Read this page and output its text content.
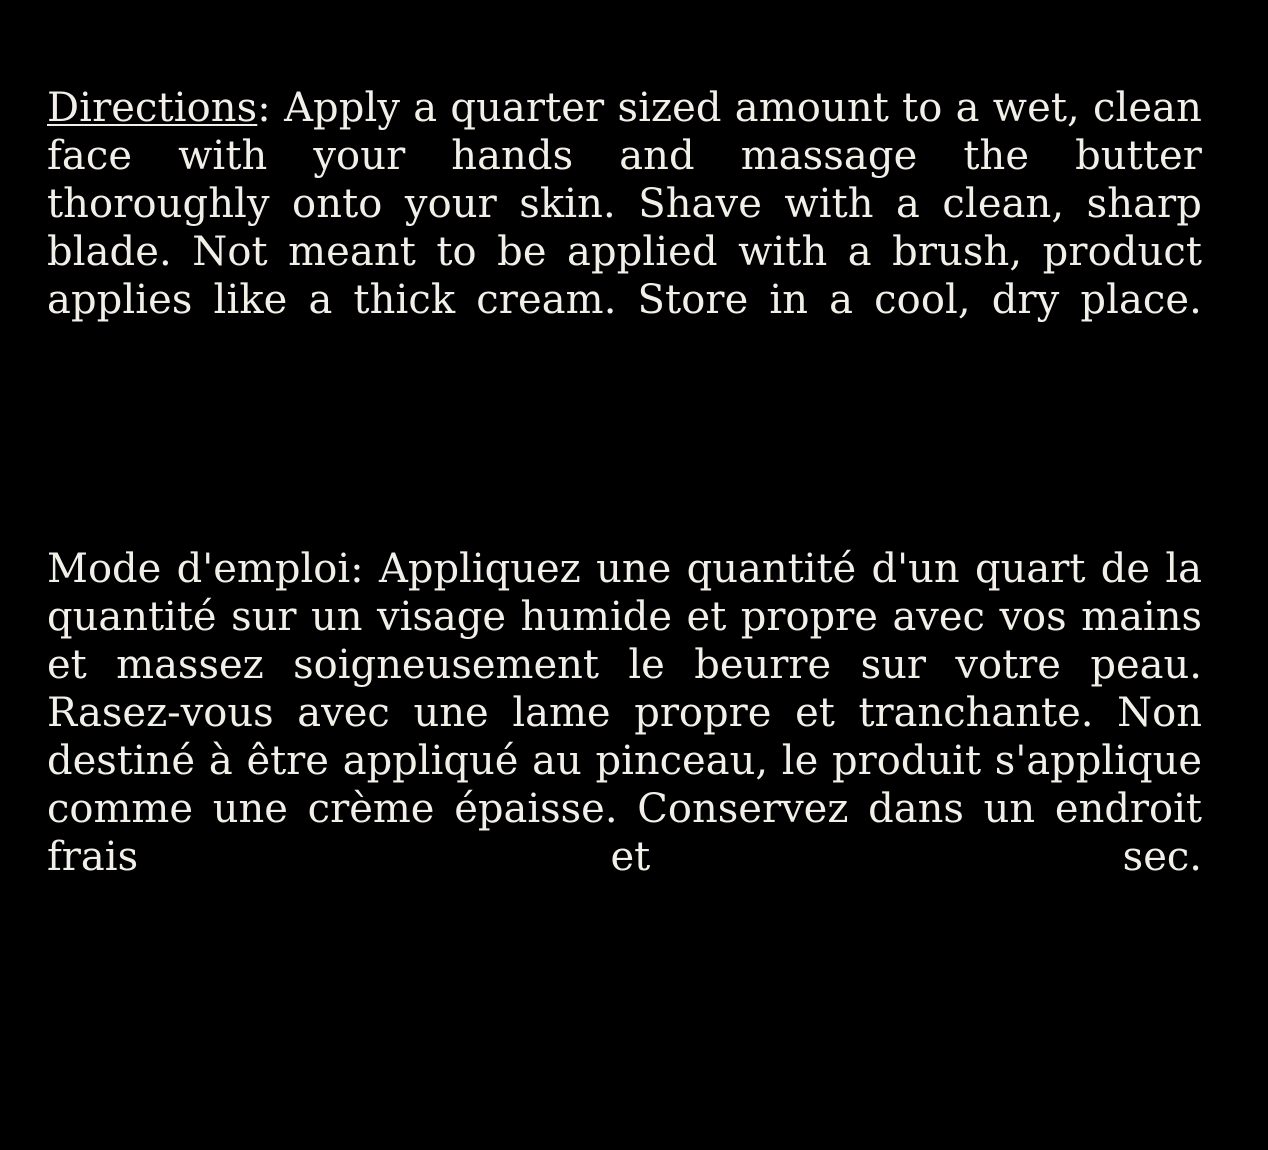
Directions: Apply a quarter sized amount to a wet, clean face with your hands and massage the butter thoroughly onto your skin. Shave with a clean, sharp blade. Not meant to be applied with a brush, product applies like a thick cream. Store in a cool, dry place.

Mode d'emploi: Appliquez une quantité d'un quart de la quantité sur un visage humide et propre avec vos mains et massez soigneusement le beurre sur votre peau. Rasez-vous avec une lame propre et tranchante. Non destiné à être appliqué au pinceau, le produit s'applique comme une crème épaisse. Conservez dans un endroit frais et sec.
